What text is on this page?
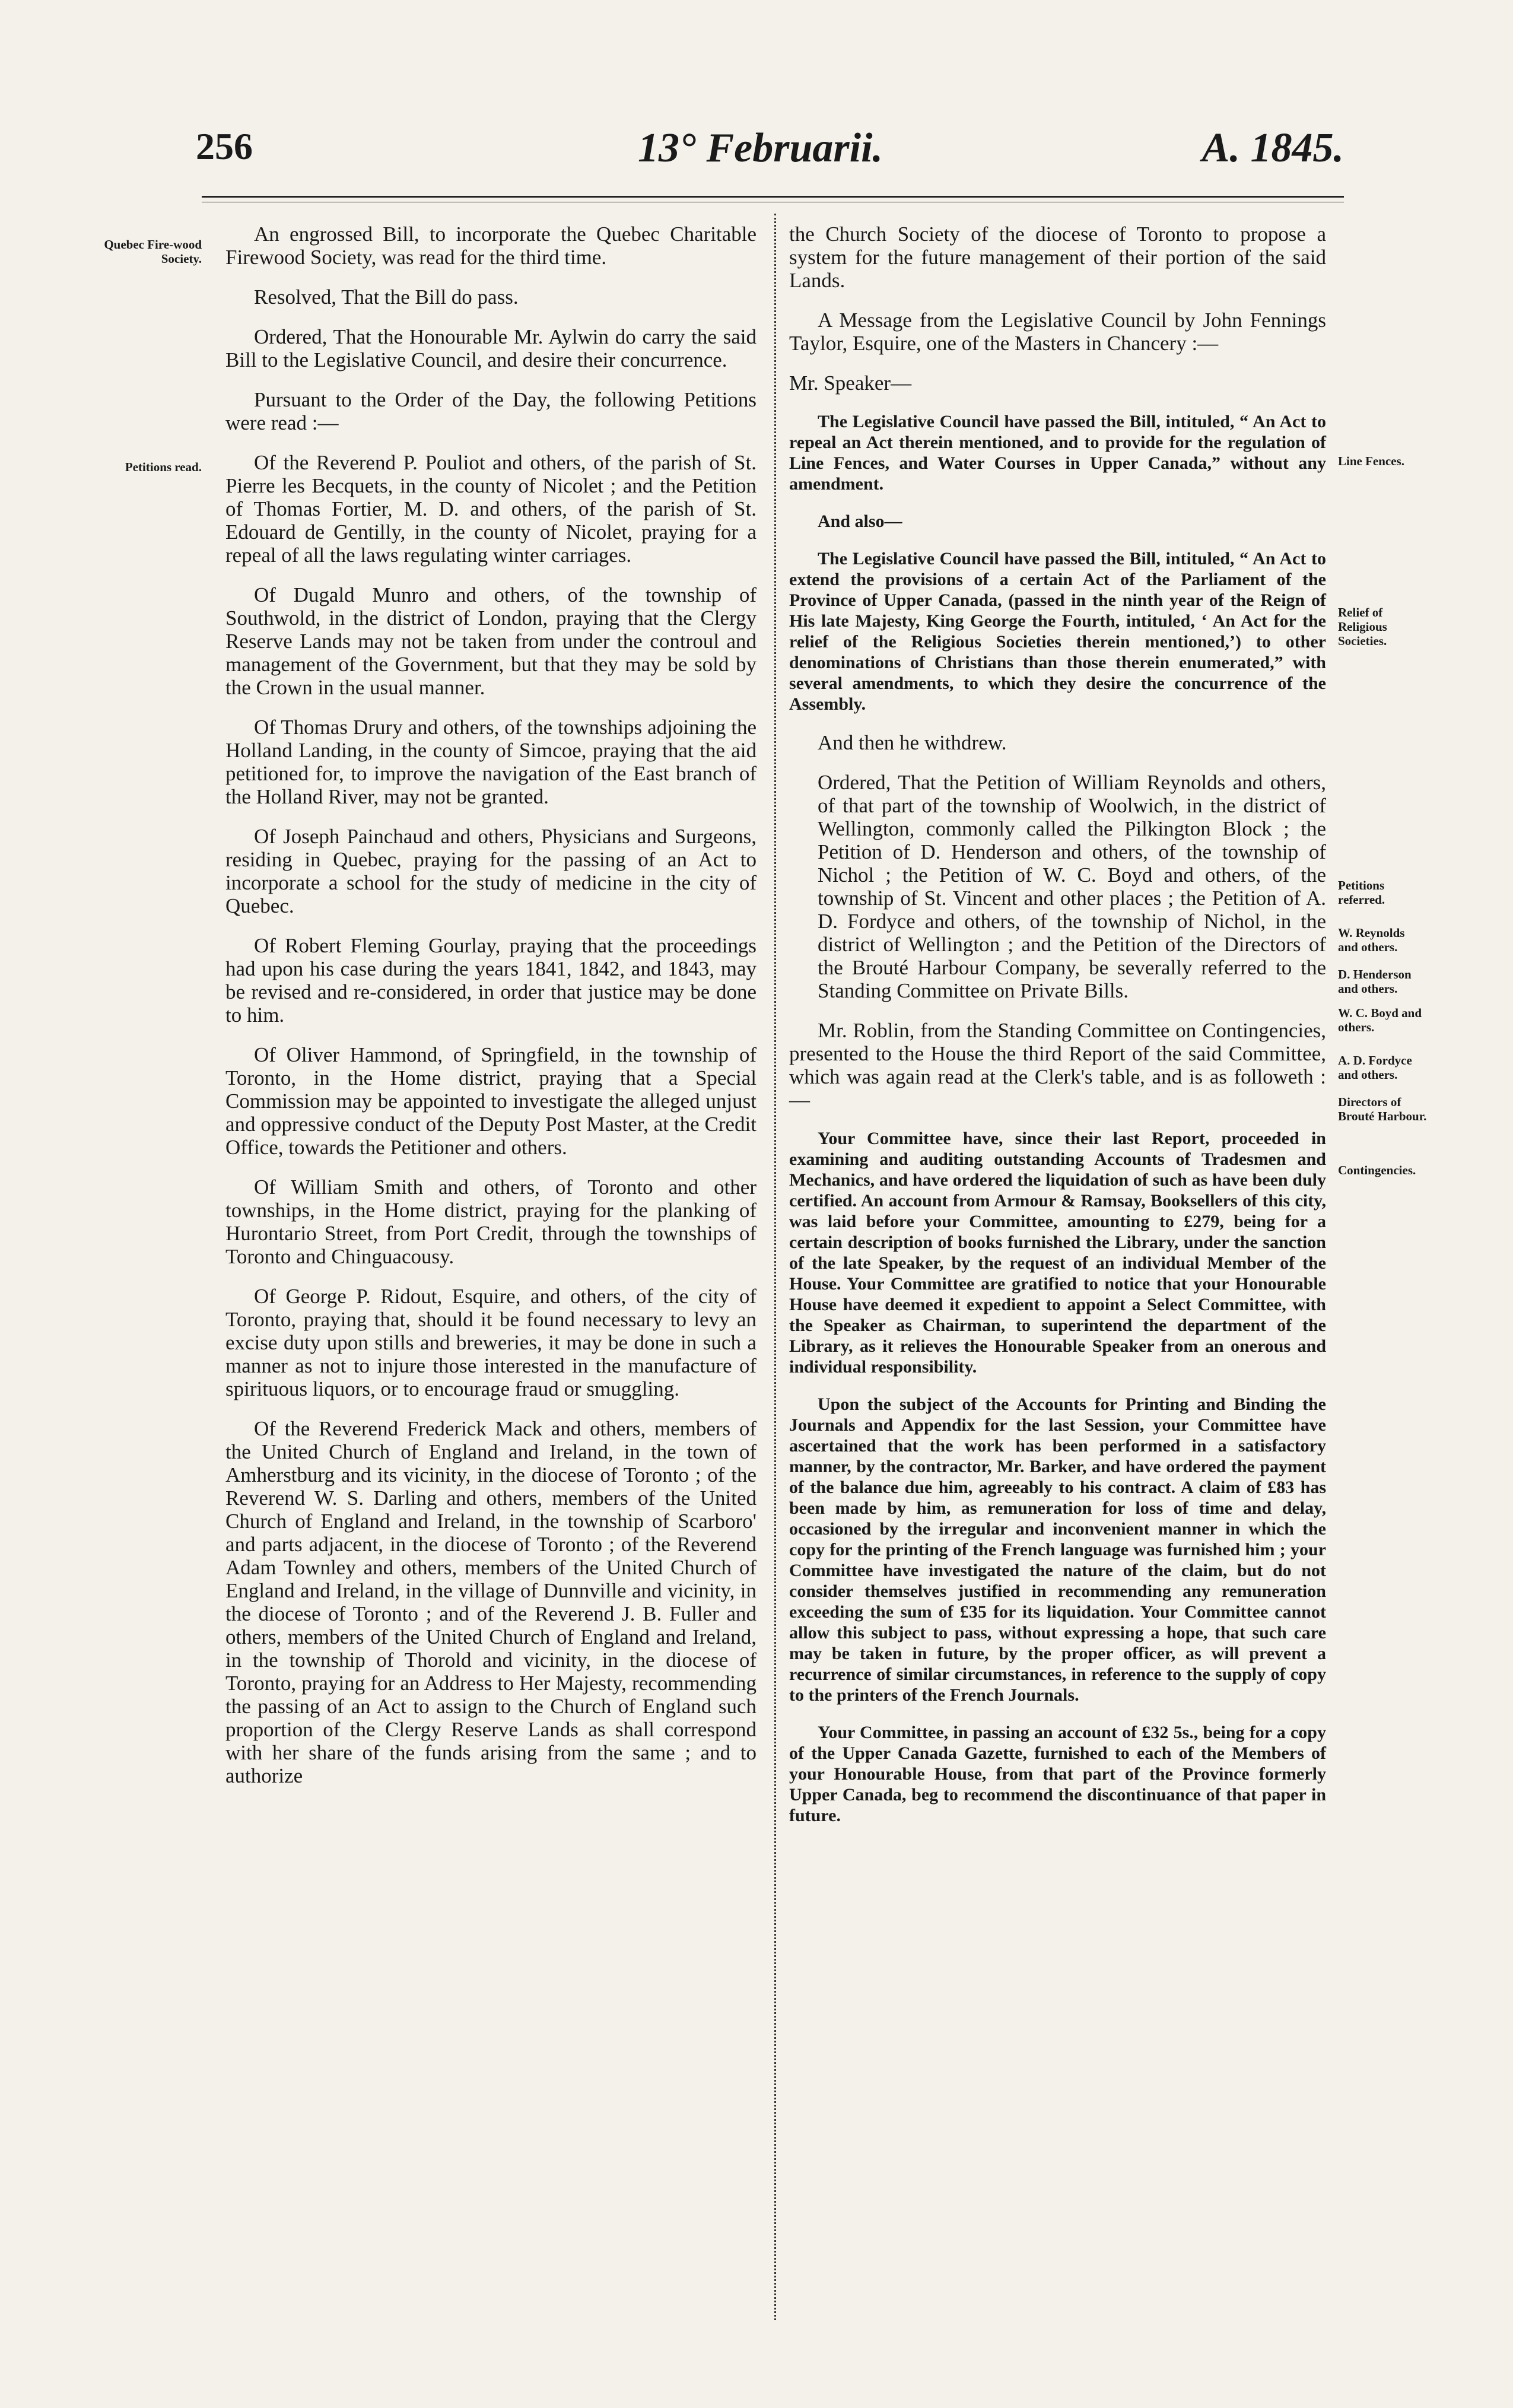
256	13° Februarii.	A. 1845.

An engrossed Bill, to incorporate the Quebec Charitable Firewood Society, was read for the third time.

Resolved, That the Bill do pass.

Ordered, That the Honourable Mr. Aylwin do carry the said Bill to the Legislative Council, and desire their concurrence.

Pursuant to the Order of the Day, the following Petitions were read :—

Of the Reverend P. Pouliot and others, of the parish of St. Pierre les Becquets, in the county of Nicolet ; and the Petition of Thomas Fortier, M. D. and others, of the parish of St. Edouard de Gentilly, in the county of Nicolet, praying for a repeal of all the laws regulating winter carriages.

Of Dugald Munro and others, of the township of Southwold, in the district of London, praying that the Clergy Reserve Lands may not be taken from under the controul and management of the Government, but that they may be sold by the Crown in the usual manner.

Of Thomas Drury and others, of the townships adjoining the Holland Landing, in the county of Simcoe, praying that the aid petitioned for, to improve the navigation of the East branch of the Holland River, may not be granted.

Of Joseph Painchaud and others, Physicians and Surgeons, residing in Quebec, praying for the passing of an Act to incorporate a school for the study of medicine in the city of Quebec.

Of Robert Fleming Gourlay, praying that the proceedings had upon his case during the years 1841, 1842, and 1843, may be revised and re-considered, in order that justice may be done to him.

Of Oliver Hammond, of Springfield, in the township of Toronto, in the Home district, praying that a Special Commission may be appointed to investigate the alleged unjust and oppressive conduct of the Deputy Post Master, at the Credit Office, towards the Petitioner and others.

Of William Smith and others, of Toronto and other townships, in the Home district, praying for the planking of Hurontario Street, from Port Credit, through the townships of Toronto and Chinguacousy.

Of George P. Ridout, Esquire, and others, of the city of Toronto, praying that, should it be found necessary to levy an excise duty upon stills and breweries, it may be done in such a manner as not to injure those interested in the manufacture of spirituous liquors, or to encourage fraud or smuggling.

Of the Reverend Frederick Mack and others, members of the United Church of England and Ireland, in the town of Amherstburg and its vicinity, in the diocese of Toronto ; of the Reverend W. S. Darling and others, members of the United Church of England and Ireland, in the township of Scarboro' and parts adjacent, in the diocese of Toronto ; of the Reverend Adam Townley and others, members of the United Church of England and Ireland, in the village of Dunnville and vicinity, in the diocese of Toronto ; and of the Reverend J. B. Fuller and others, members of the United Church of England and Ireland, in the township of Thorold and vicinity, in the diocese of Toronto, praying for an Address to Her Majesty, recommending the passing of an Act to assign to the Church of England such proportion of the Clergy Reserve Lands as shall correspond with her share of the funds arising from the same ; and to authorize

the Church Society of the diocese of Toronto to propose a system for the future management of their portion of the said Lands.

A Message from the Legislative Council by John Fennings Taylor, Esquire, one of the Masters in Chancery :—

Mr. Speaker—

The Legislative Council have passed the Bill, intituled, “ An Act to repeal an Act therein mentioned, and to provide for the regulation of Line Fences, and Water Courses in Upper Canada,” without any amendment.

And also—

The Legislative Council have passed the Bill, intituled, “ An Act to extend the provisions of a certain Act of the Parliament of the Province of Upper Canada, (passed in the ninth year of the Reign of His late Majesty, King George the Fourth, intituled, ‘ An Act for the relief of the Religious Societies therein mentioned,’) to other denominations of Christians than those therein enumerated,” with several amendments, to which they desire the concurrence of the Assembly.

And then he withdrew.

Ordered, That the Petition of William Reynolds and others, of that part of the township of Woolwich, in the district of Wellington, commonly called the Pilkington Block ; the Petition of D. Henderson and others, of the township of Nichol ; the Petition of W. C. Boyd and others, of the township of St. Vincent and other places ; the Petition of A. D. Fordyce and others, of the township of Nichol, in the district of Wellington ; and the Petition of the Directors of the Brouté Harbour Company, be severally referred to the Standing Committee on Private Bills.

Mr. Roblin, from the Standing Committee on Contingencies, presented to the House the third Report of the said Committee, which was again read at the Clerk's table, and is as followeth :—

Your Committee have, since their last Report, proceeded in examining and auditing outstanding Accounts of Tradesmen and Mechanics, and have ordered the liquidation of such as have been duly certified. An account from Armour & Ramsay, Booksellers of this city, was laid before your Committee, amounting to £279, being for a certain description of books furnished the Library, under the sanction of the late Speaker, by the request of an individual Member of the House. Your Committee are gratified to notice that your Honourable House have deemed it expedient to appoint a Select Committee, with the Speaker as Chairman, to superintend the department of the Library, as it relieves the Honourable Speaker from an onerous and individual responsibility.

Upon the subject of the Accounts for Printing and Binding the Journals and Appendix for the last Session, your Committee have ascertained that the work has been performed in a satisfactory manner, by the contractor, Mr. Barker, and have ordered the payment of the balance due him, agreeably to his contract. A claim of £83 has been made by him, as remuneration for loss of time and delay, occasioned by the irregular and inconvenient manner in which the copy for the printing of the French language was furnished him ; your Committee have investigated the nature of the claim, but do not consider themselves justified in recommending any remuneration exceeding the sum of £35 for its liquidation. Your Committee cannot allow this subject to pass, without expressing a hope, that such care may be taken in future, by the proper officer, as will prevent a recurrence of similar circumstances, in reference to the supply of copy to the printers of the French Journals.

Your Committee, in passing an account of £32 5s., being for a copy of the Upper Canada Gazette, furnished to each of the Members of your Honourable House, from that part of the Province formerly Upper Canada, beg to recommend the discontinuance of that paper in future.

Quebec Fire-wood Society.
Petitions read.	Line Fences.
Relief of Religious Societies.
Petitions referred.
W. Reynolds and others.
D. Henderson and others.
W. C. Boyd and others.
A. D. Fordyce and others.
Directors of Brouté Harbour.
Contingencies.
